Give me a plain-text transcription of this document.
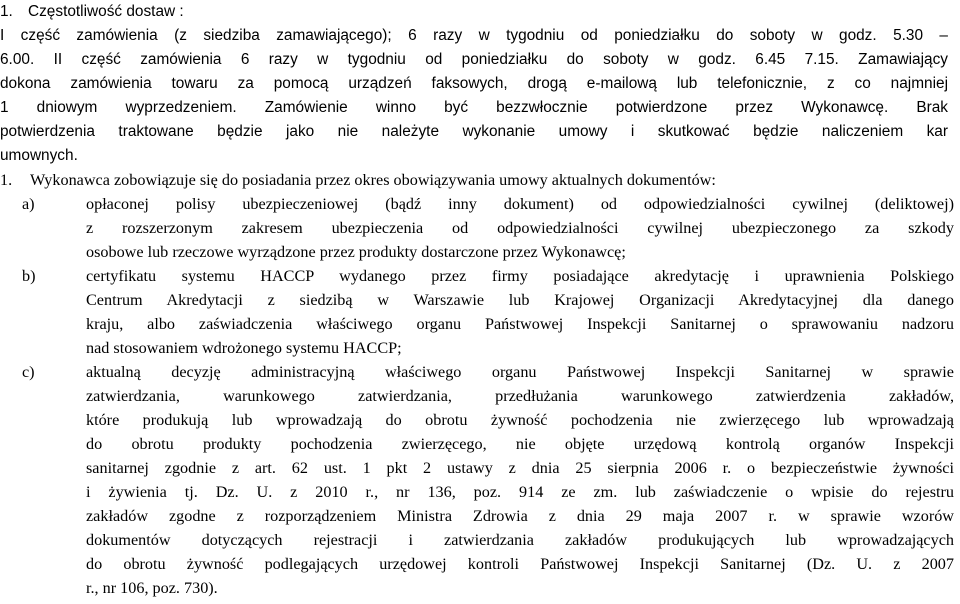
1. Częstotliwość dostaw :
I część zamówienia (z siedziba zamawiającego); 6 razy w tygodniu od poniedziałku do soboty w godz. 5.30 –
6.00. II część zamówienia 6 razy w tygodniu od poniedziałku do soboty w godz. 6.45 7.15. Zamawiający
dokona zamówienia towaru za pomocą urządzeń faksowych, drogą e-mailową lub telefonicznie, z co najmniej
1 dniowym wyprzedzeniem. Zamówienie winno być bezzwłocznie potwierdzone przez Wykonawcę. Brak
potwierdzenia traktowane będzie jako nie należyte wykonanie umowy i skutkować będzie naliczeniem kar
umownych.
1. Wykonawca zobowiązuje się do posiadania przez okres obowiązywania umowy aktualnych dokumentów:
a)	opłaconej polisy ubezpieczeniowej (bądź inny dokument) od odpowiedzialności cywilnej (deliktowej)
z rozszerzonym zakresem ubezpieczenia od odpowiedzialności cywilnej ubezpieczonego za szkody
osobowe lub rzeczowe wyrządzone przez produkty dostarczone przez Wykonawcę;
b)	certyfikatu systemu HACCP wydanego przez firmy posiadające akredytację i uprawnienia Polskiego
Centrum Akredytacji z siedzibą w Warszawie lub Krajowej Organizacji Akredytacyjnej dla danego
kraju, albo zaświadczenia właściwego organu Państwowej Inspekcji Sanitarnej o sprawowaniu nadzoru
nad stosowaniem wdrożonego systemu HACCP;
c)	aktualną decyzję administracyjną właściwego organu Państwowej Inspekcji Sanitarnej w sprawie
zatwierdzania, warunkowego zatwierdzania, przedłużania warunkowego zatwierdzenia zakładów,
które produkują lub wprowadzają do obrotu żywność pochodzenia nie zwierzęcego lub wprowadzają
do obrotu produkty pochodzenia zwierzęcego, nie objęte urzędową kontrolą organów Inspekcji
sanitarnej zgodnie z art. 62 ust. 1 pkt 2 ustawy z dnia 25 sierpnia 2006 r. o bezpieczeństwie żywności
i żywienia tj. Dz. U. z 2010 r., nr 136, poz. 914 ze zm. lub zaświadczenie o wpisie do rejestru
zakładów zgodne z rozporządzeniem Ministra Zdrowia z dnia 29 maja 2007 r. w sprawie wzorów
dokumentów dotyczących rejestracji i zatwierdzania zakładów produkujących lub wprowadzających
do obrotu żywność podlegających urzędowej kontroli Państwowej Inspekcji Sanitarnej (Dz. U. z 2007
r., nr 106, poz. 730).
